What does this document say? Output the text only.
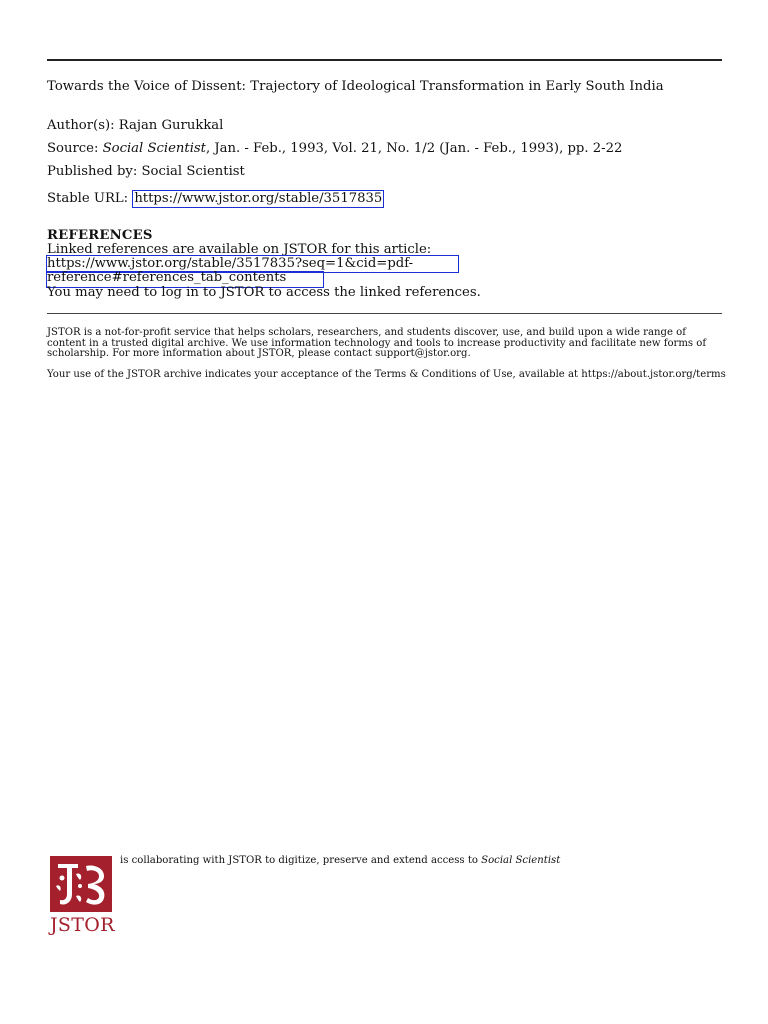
Towards the Voice of Dissent: Trajectory of Ideological Transformation in Early South India
Author(s): Rajan Gurukkal
Source: Social Scientist, Jan. - Feb., 1993, Vol. 21, No. 1/2 (Jan. - Feb., 1993), pp. 2-22
Published by: Social Scientist
Stable URL: https://www.jstor.org/stable/3517835
REFERENCES
Linked references are available on JSTOR for this article:
https://www.jstor.org/stable/3517835?seq=1&cid=pdf-
reference#references_tab_contents
You may need to log in to JSTOR to access the linked references.
JSTOR is a not-for-profit service that helps scholars, researchers, and students discover, use, and build upon a wide range of content in a trusted digital archive. We use information technology and tools to increase productivity and facilitate new forms of scholarship. For more information about JSTOR, please contact support@jstor.org.
Your use of the JSTOR archive indicates your acceptance of the Terms & Conditions of Use, available at https://about.jstor.org/terms
JSTOR
is collaborating with JSTOR to digitize, preserve and extend access to Social Scientist
